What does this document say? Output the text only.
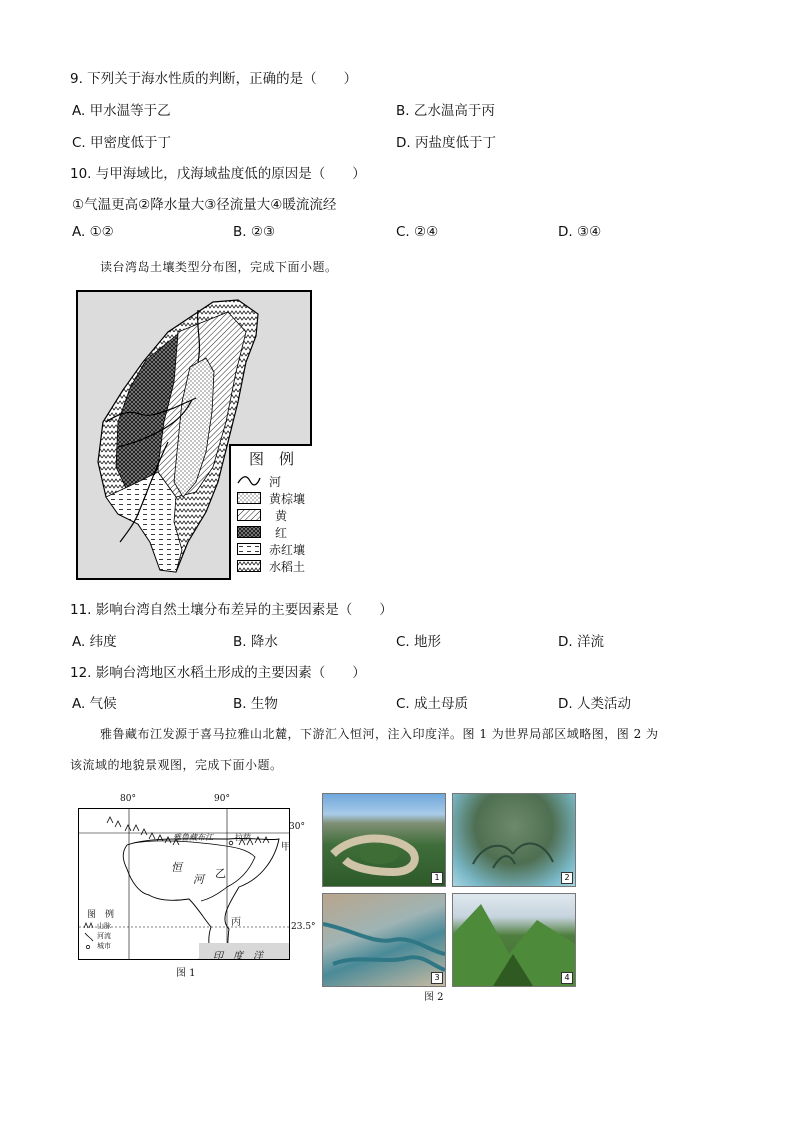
9. 下列关于海水性质的判断，正确的是（　　）
A. 甲水温等于乙	B. 乙水温高于丙
C. 甲密度低于丁	D. 丙盐度低于丁
10. 与甲海域比，戊海域盐度低的原因是（　　）
①气温更高②降水量大③径流量大④暖流流经
A. ①②	B. ②③	C. ②④	D. ③④
读台湾岛土壤类型分布图，完成下面小题。
图　例
河
黄棕壤
黄
红
赤红壤
水稻土
11. 影响台湾自然土壤分布差异的主要因素是（　　）
A. 纬度	B. 降水	C. 地形	D. 洋流
12. 影响台湾地区水稻土形成的主要因素（　　）
A. 气候	B. 生物	C. 成土母质	D. 人类活动
雅鲁藏布江发源于喜马拉雅山北麓，下游汇入恒河，注入印度洋。图 1 为世界局部区域略图，图 2 为
该流域的地貌景观图，完成下面小题。
80°	90°
雅鲁藏布江	拉萨
恒
河 乙
丙
印　度　洋
图　例
山脉
河流
城市
30°
甲
23.5°
图 1
1	2
3	4
图 2
